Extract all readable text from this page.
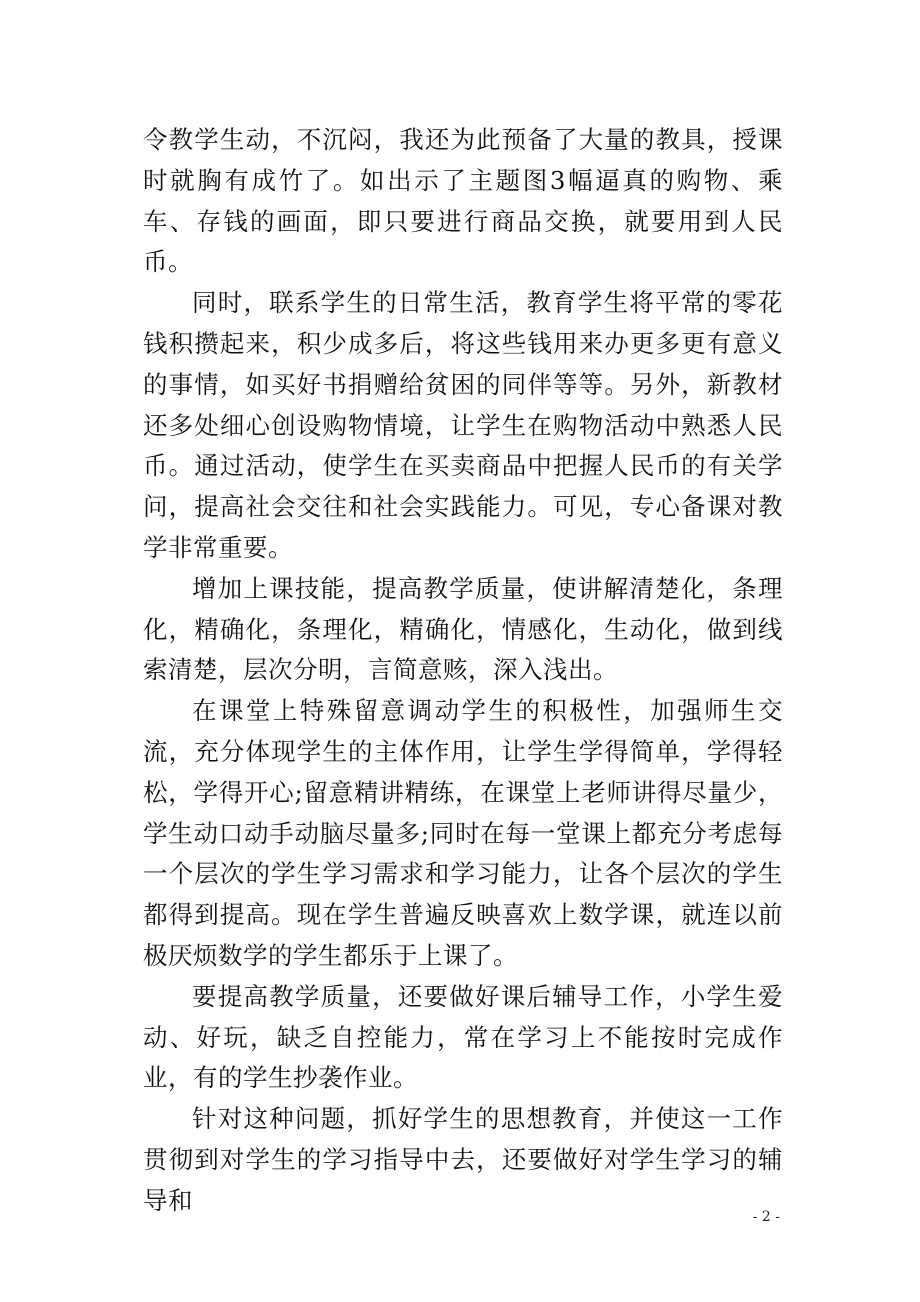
令教学生动，不沉闷，我还为此预备了大量的教具，授课时就胸有成竹了。如出示了主题图3幅逼真的购物、乘车、存钱的画面，即只要进行商品交换，就要用到人民币。

同时，联系学生的日常生活，教育学生将平常的零花钱积攒起来，积少成多后，将这些钱用来办更多更有意义的事情，如买好书捐赠给贫困的同伴等等。另外，新教材还多处细心创设购物情境，让学生在购物活动中熟悉人民币。通过活动，使学生在买卖商品中把握人民币的有关学问，提高社会交往和社会实践能力。可见，专心备课对教学非常重要。

增加上课技能，提高教学质量，使讲解清楚化，条理化，精确化，条理化，精确化，情感化，生动化，做到线索清楚，层次分明，言简意赅，深入浅出。

在课堂上特殊留意调动学生的积极性，加强师生交流，充分体现学生的主体作用，让学生学得简单，学得轻松，学得开心;留意精讲精练，在课堂上老师讲得尽量少，学生动口动手动脑尽量多;同时在每一堂课上都充分考虑每一个层次的学生学习需求和学习能力，让各个层次的学生都得到提高。现在学生普遍反映喜欢上数学课，就连以前极厌烦数学的学生都乐于上课了。

要提高教学质量，还要做好课后辅导工作，小学生爱动、好玩，缺乏自控能力，常在学习上不能按时完成作业，有的学生抄袭作业。

针对这种问题，抓好学生的思想教育，并使这一工作贯彻到对学生的学习指导中去，还要做好对学生学习的辅导和

- 2 -
